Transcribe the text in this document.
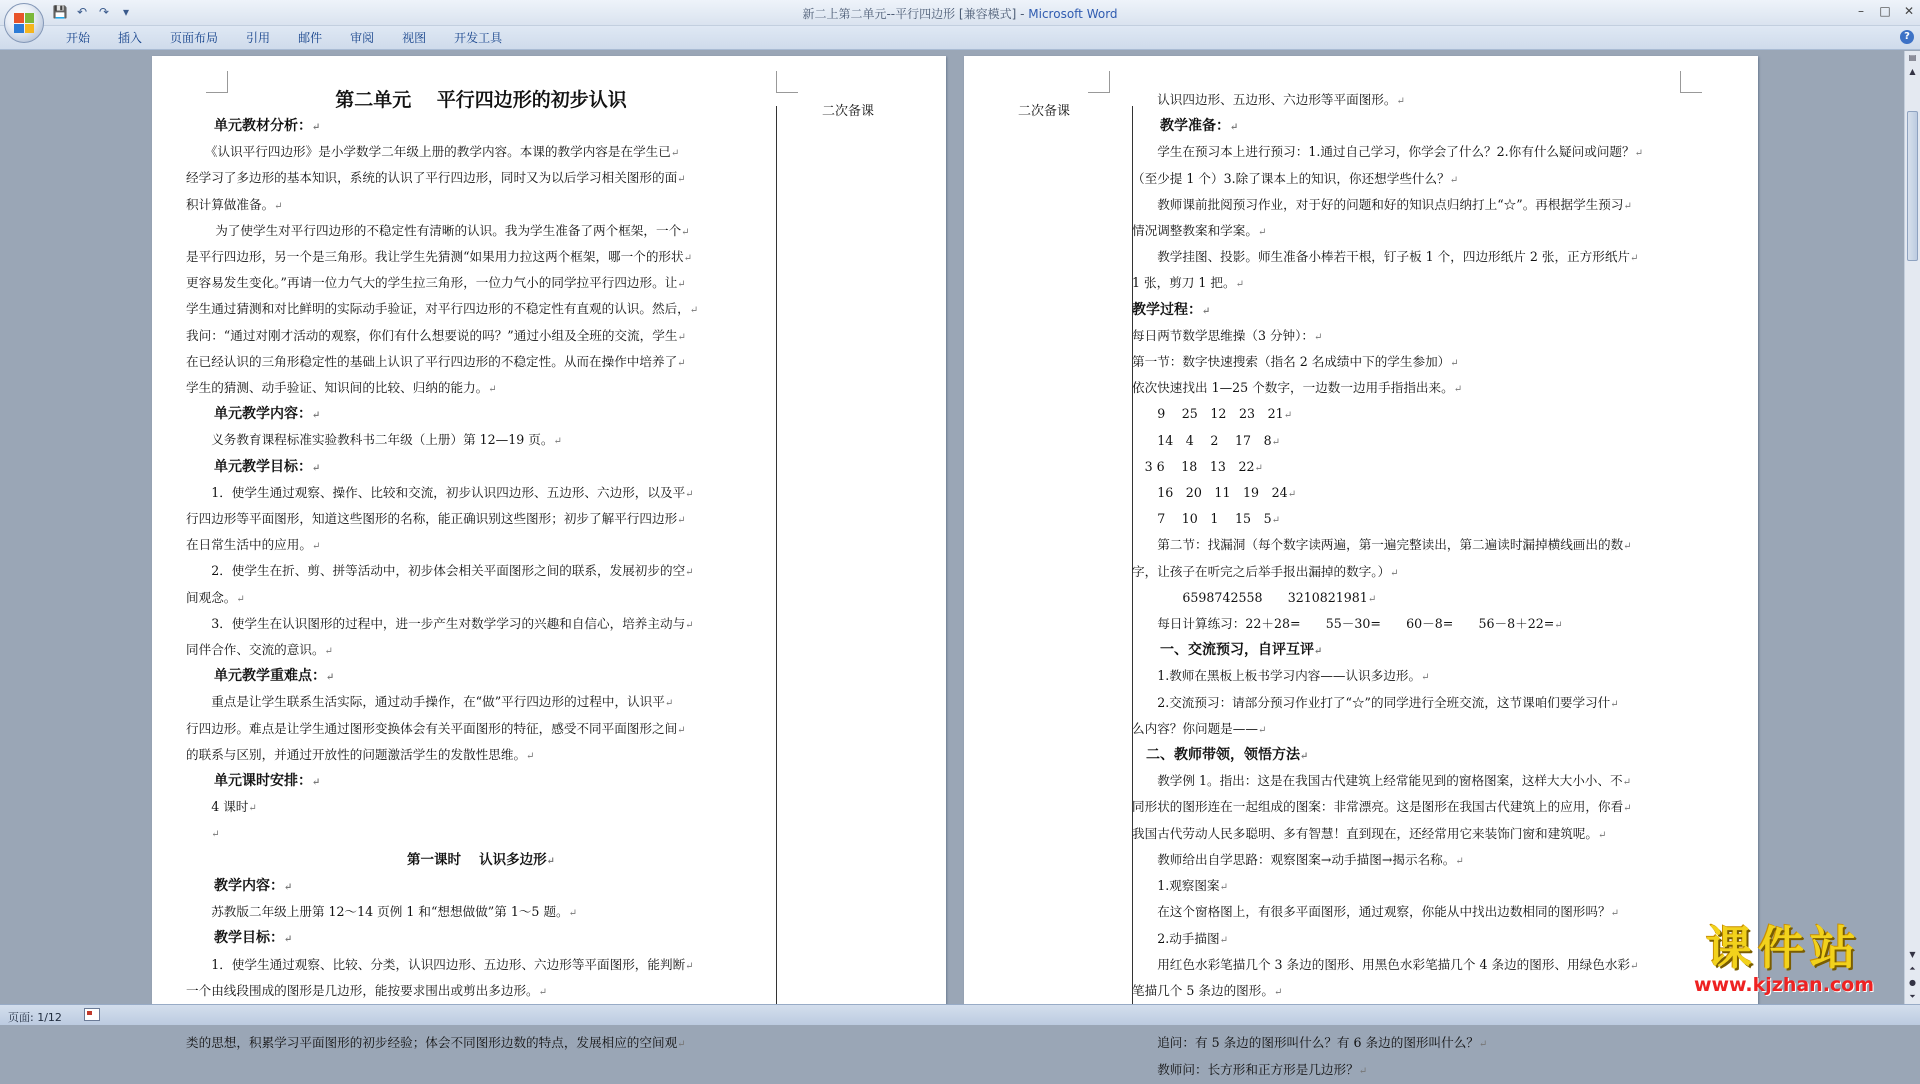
💾 ↶ ↷	▾	新二上第二单元--平行四边形 [兼容模式] - Microsoft Word	–	□ ✕
开始	插入	页面布局	引用	邮件	审阅	视图	开发工具	?
二次备课

第二单元　 平行四边形的初步认识

　　单元教材分析：↵

　　《认识平行四边形》是小学数学二年级上册的教学内容。本课的教学内容是在学生已↵

经学习了多边形的基本知识，系统的认识了平行四边形，同时又为以后学习相关图形的面↵

积计算做准备。↵

　　 为了使学生对平行四边形的不稳定性有清晰的认识。我为学生准备了两个框架，一个↵

是平行四边形，另一个是三角形。我让学生先猜测“如果用力拉这两个框架，哪一个的形状↵

更容易发生变化。”再请一位力气大的学生拉三角形，一位力气小的同学拉平行四边形。让↵

学生通过猜测和对比鲜明的实际动手验证，对平行四边形的不稳定性有直观的认识。然后，↵

我问：“通过对刚才活动的观察，你们有什么想要说的吗？”通过小组及全班的交流，学生↵

在已经认识的三角形稳定性的基础上认识了平行四边形的不稳定性。从而在操作中培养了↵

学生的猜测、动手验证、知识间的比较、归纳的能力。↵

　　单元教学内容：↵

　　义务教育课程标准实验教科书二年级（上册）第 12—19 页。↵

　　单元教学目标：↵

　　1．使学生通过观察、操作、比较和交流，初步认识四边形、五边形、六边形，以及平↵

行四边形等平面图形，知道这些图形的名称，能正确识别这些图形；初步了解平行四边形↵

在日常生活中的应用。↵

　　2．使学生在折、剪、拼等活动中，初步体会相关平面图形之间的联系，发展初步的空↵

间观念。↵

　　3．使学生在认识图形的过程中，进一步产生对数学学习的兴趣和自信心，培养主动与↵

同伴合作、交流的意识。↵

　　单元教学重难点：↵

　　重点是让学生联系生活实际，通过动手操作，在“做”平行四边形的过程中，认识平↵

行四边形。难点是让学生通过图形变换体会有关平面图形的特征，感受不同平面图形之间↵

的联系与区别，并通过开放性的问题激活学生的发散性思维。↵

　　单元课时安排：↵

　　4 课时↵

　　↵

第一课时　 认识多边形↵

　　教学内容：↵

　　苏教版二年级上册第 12～14 页例 1 和“想想做做”第 1～5 题。↵

　　教学目标：↵

　　1．使学生通过观察、比较、分类，认识四边形、五边形、六边形等平面图形，能判断↵

一个由线段围成的图形是几边形，能按要求围出或剪出多边形。↵

类的思想，积累学习平面图形的初步经验；体会不同图形边数的特点，发展相应的空间观↵

二次备课

　　认识四边形、五边形、六边形等平面图形。↵

　　教学准备：↵

　　学生在预习本上进行预习：1.通过自己学习，你学会了什么？2.你有什么疑问或问题？↵

（至少提 1 个）3.除了课本上的知识，你还想学些什么？↵

　　教师课前批阅预习作业，对于好的问题和好的知识点归纳打上“☆”。再根据学生预习↵

情况调整教案和学案。↵

　　教学挂图、投影。师生准备小棒若干根，钉子板 1 个，四边形纸片 2 张，正方形纸片↵

1 张，剪刀 1 把。↵

教学过程：↵

每日两节数学思维操（3 分钟）：↵

第一节：数字快速搜索（指名 2 名成绩中下的学生参加）↵

依次快速找出 1—25 个数字，一边数一边用手指指出来。↵

　　9　 25　12　23　21↵

　　14　4　 2　 17　8↵

　3 6　 18　13　22↵

　　16　20　11　19　24↵

　　7　 10　1　 15　5↵

　　第二节：找漏洞（每个数字读两遍，第一遍完整读出，第二遍读时漏掉横线画出的数↵

字，让孩子在听完之后举手报出漏掉的数字。）↵

　　　　6598742558　　3210821981↵

　　每日计算练习：22＋28=　　55－30=　　60－8=　　56－8＋22=↵

　　一、交流预习，自评互评↵

　　1.教师在黑板上板书学习内容——认识多边形。↵

　　2.交流预习：请部分预习作业打了“☆”的同学进行全班交流，这节课咱们要学习什↵

么内容？你问题是——↵

　二、教师带领，领悟方法↵

　　教学例 1。指出：这是在我国古代建筑上经常能见到的窗格图案，这样大大小小、不↵

同形状的图形连在一起组成的图案：非常漂亮。这是图形在我国古代建筑上的应用，你看↵

我国古代劳动人民多聪明、多有智慧！直到现在，还经常用它来装饰门窗和建筑呢。↵

　　教师给出自学思路：观察图案→动手描图→揭示名称。↵

　　1.观察图案↵

　　在这个窗格图上，有很多平面图形，通过观察，你能从中找出边数相同的图形吗？↵

　　2.动手描图↵

　　用红色水彩笔描几个 3 条边的图形、用黑色水彩笔描几个 4 条边的图形、用绿色水彩↵

笔描几个 5 条边的图形。↵

　　追问：有 5 条边的图形叫什么？有 6 条边的图形叫什么？↵

　　教师问：长方形和正方形是几边形？↵

▤
▲
▼
⏶
●
⏷
页面: 1/12
课件站
www.kjzhan.com
